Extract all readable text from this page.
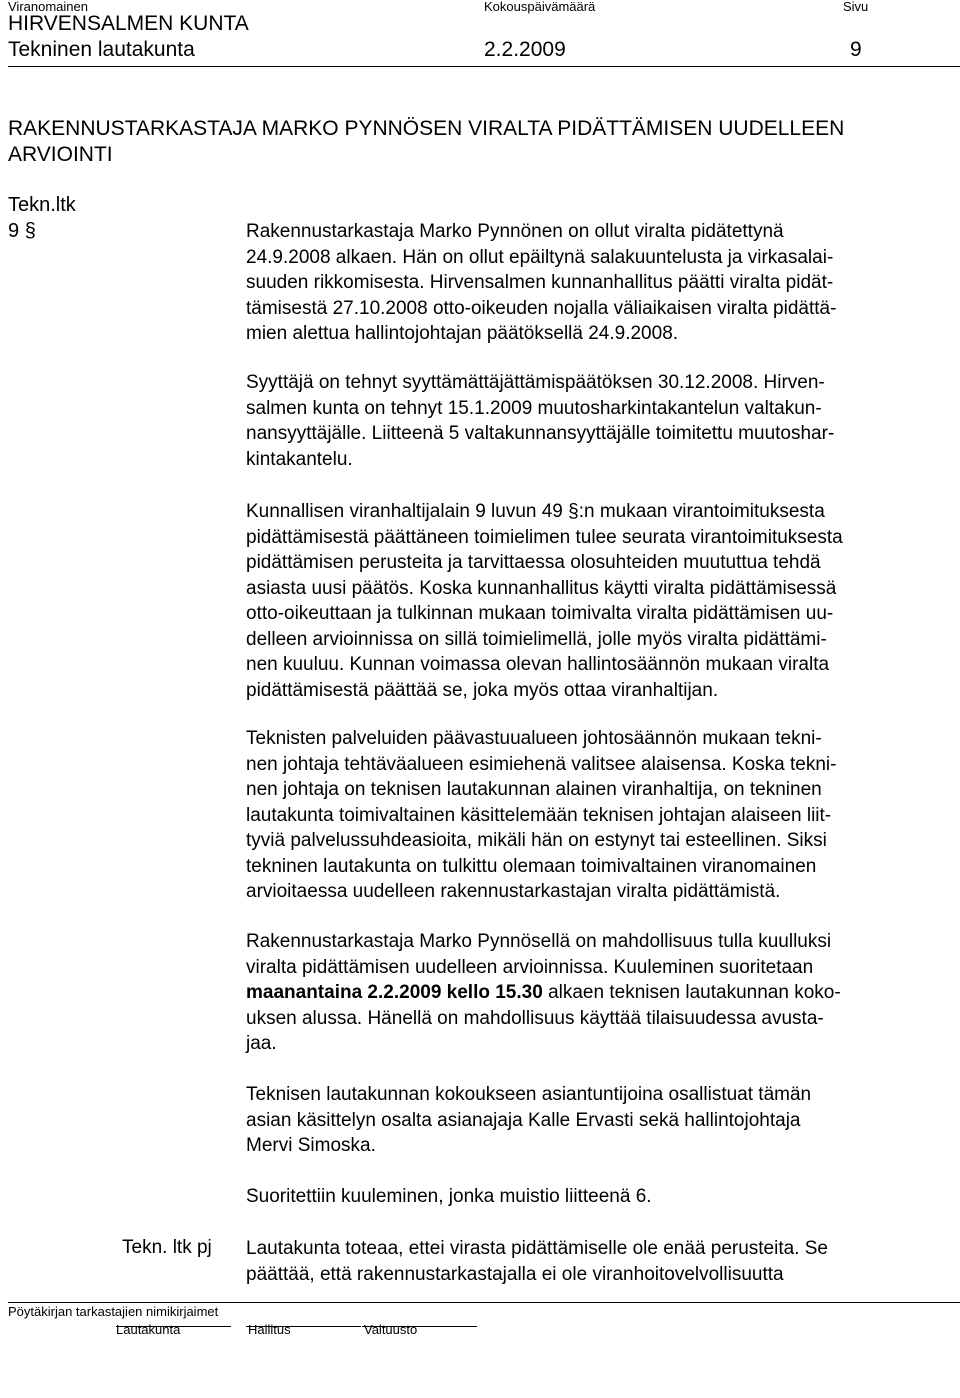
Viranomainen	Kokouspäivämäärä	Sivu
HIRVENSALMEN KUNTA
Tekninen lautakunta	2.2.2009	9
RAKENNUSTARKASTAJA MARKO PYNNÖSEN VIRALTA PIDÄTTÄMISEN UUDELLEEN
ARVIOINTI
Tekn.ltk
9 §	Rakennustarkastaja Marko Pynnönen on ollut viralta pidätettynä
24.9.2008 alkaen. Hän on ollut epäiltynä salakuuntelusta ja virkasalai-
suuden rikkomisesta. Hirvensalmen kunnanhallitus päätti viralta pidät-
tämisestä 27.10.2008 otto-oikeuden nojalla väliaikaisen viralta pidättä-
mien alettua hallintojohtajan päätöksellä 24.9.2008.
Syyttäjä on tehnyt syyttämättäjättämispäätöksen 30.12.2008. Hirven-
salmen kunta on tehnyt 15.1.2009 muutosharkintakantelun valtakun-
nansyyttäjälle. Liitteenä 5 valtakunnansyyttäjälle toimitettu muutoshar-
kintakantelu.
Kunnallisen viranhaltijalain 9 luvun 49 §:n mukaan virantoimituksesta
pidättämisestä päättäneen toimielimen tulee seurata virantoimituksesta
pidättämisen perusteita ja tarvittaessa olosuhteiden muututtua tehdä
asiasta uusi päätös. Koska kunnanhallitus käytti viralta pidättämisessä
otto-oikeuttaan ja tulkinnan mukaan toimivalta viralta pidättämisen uu-
delleen arvioinnissa on sillä toimielimellä, jolle myös viralta pidättämi-
nen kuuluu. Kunnan voimassa olevan hallintosäännön mukaan viralta
pidättämisestä päättää se, joka myös ottaa viranhaltijan.
Teknisten palveluiden päävastuualueen johtosäännön mukaan tekni-
nen johtaja tehtäväalueen esimiehenä valitsee alaisensa. Koska tekni-
nen johtaja on teknisen lautakunnan alainen viranhaltija, on tekninen
lautakunta toimivaltainen käsittelemään teknisen johtajan alaiseen liit-
tyviä palvelussuhdeasioita, mikäli hän on estynyt tai esteellinen. Siksi
tekninen lautakunta on tulkittu olemaan toimivaltainen viranomainen
arvioitaessa uudelleen rakennustarkastajan viralta pidättämistä.
Rakennustarkastaja Marko Pynnösellä on mahdollisuus tulla kuulluksi
viralta pidättämisen uudelleen arvioinnissa. Kuuleminen suoritetaan
maanantaina 2.2.2009 kello 15.30 alkaen teknisen lautakunnan koko-
uksen alussa. Hänellä on mahdollisuus käyttää tilaisuudessa avusta-
jaa.
Teknisen lautakunnan kokoukseen asiantuntijoina osallistuat tämän
asian käsittelyn osalta asianajaja Kalle Ervasti sekä hallintojohtaja
Mervi Simoska.
Suoritettiin kuuleminen, jonka muistio liitteenä 6.
Tekn. ltk pj Lautakunta toteaa, ettei virasta pidättämiselle ole enää perusteita. Se
päättää, että rakennustarkastajalla ei ole viranhoitovelvollisuutta
Pöytäkirjan tarkastajien nimikirjaimet
Lautakunta	Hallitus	Valtuusto
